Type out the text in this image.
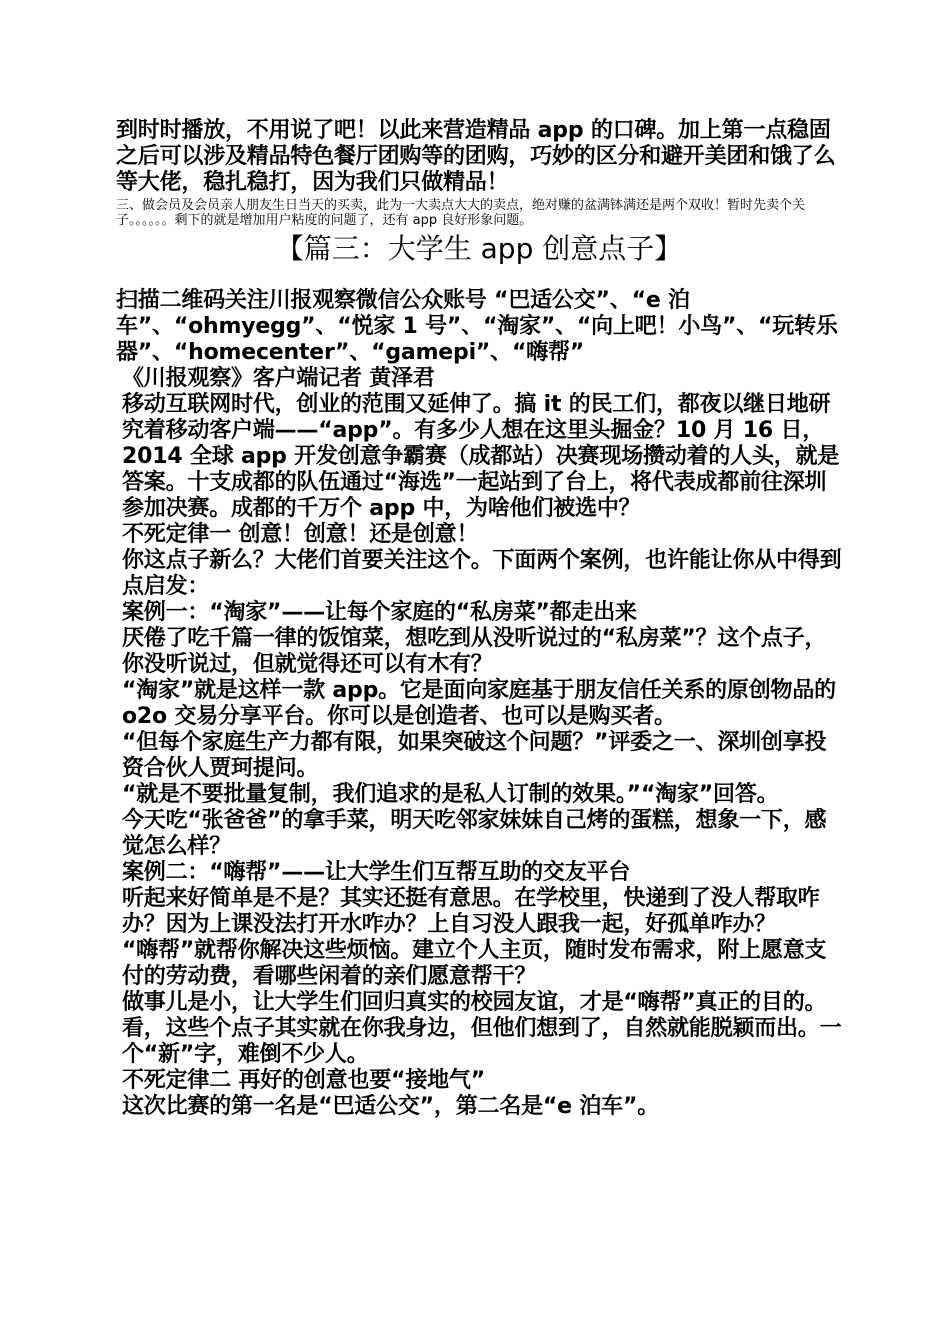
到时时播放，不用说了吧！以此来营造精品 app 的口碑。加上第一点稳固之后可以涉及精品特色餐厅团购等的团购，巧妙的区分和避开美团和饿了么等大佬，稳扎稳打，因为我们只做精品！

三、做会员及会员亲人朋友生日当天的买卖，此为一大卖点大大的卖点，绝对赚的盆满钵满还是两个双收！暂时先卖个关子。。。。。。剩下的就是增加用户粘度的问题了，还有 app 良好形象问题。

【篇三：大学生 app 创意点子】

扫描二维码关注川报观察微信公众账号 “巴适公交”、“e 泊车”、“ohmyegg”、“悦家 1 号”、“淘家”、“向上吧！小鸟”、“玩转乐器”、“homecenter”、“gamepi”、“嗨帮”

《川报观察》客户端记者 黄泽君

移动互联网时代，创业的范围又延伸了。搞 it 的民工们，都夜以继日地研究着移动客户端——“app”。有多少人想在这里头掘金？10 月 16 日，2014 全球 app 开发创意争霸赛（成都站）决赛现场攒动着的人头，就是答案。十支成都的队伍通过“海选”一起站到了台上，将代表成都前往深圳参加决赛。成都的千万个 app 中，为啥他们被选中？

不死定律一 创意！创意！还是创意！

你这点子新么？大佬们首要关注这个。下面两个案例，也许能让你从中得到点启发：

案例一：“淘家”——让每个家庭的“私房菜”都走出来

厌倦了吃千篇一律的饭馆菜，想吃到从没听说过的“私房菜”？这个点子，你没听说过，但就觉得还可以有木有？

“淘家”就是这样一款 app。它是面向家庭基于朋友信任关系的原创物品的 o2o 交易分享平台。你可以是创造者、也可以是购买者。

“但每个家庭生产力都有限，如果突破这个问题？”评委之一、深圳创享投资合伙人贾珂提问。

“就是不要批量复制，我们追求的是私人订制的效果。”“淘家”回答。

今天吃“张爸爸”的拿手菜，明天吃邻家妹妹自己烤的蛋糕，想象一下，感觉怎么样？

案例二：“嗨帮”——让大学生们互帮互助的交友平台

听起来好简单是不是？其实还挺有意思。在学校里，快递到了没人帮取咋办？因为上课没法打开水咋办？上自习没人跟我一起，好孤单咋办？

“嗨帮”就帮你解决这些烦恼。建立个人主页，随时发布需求，附上愿意支付的劳动费，看哪些闲着的亲们愿意帮干？

做事儿是小，让大学生们回归真实的校园友谊，才是“嗨帮”真正的目的。

看，这些个点子其实就在你我身边，但他们想到了，自然就能脱颖而出。一个“新”字，难倒不少人。

不死定律二 再好的创意也要“接地气”

这次比赛的第一名是“巴适公交”，第二名是“e 泊车”。
